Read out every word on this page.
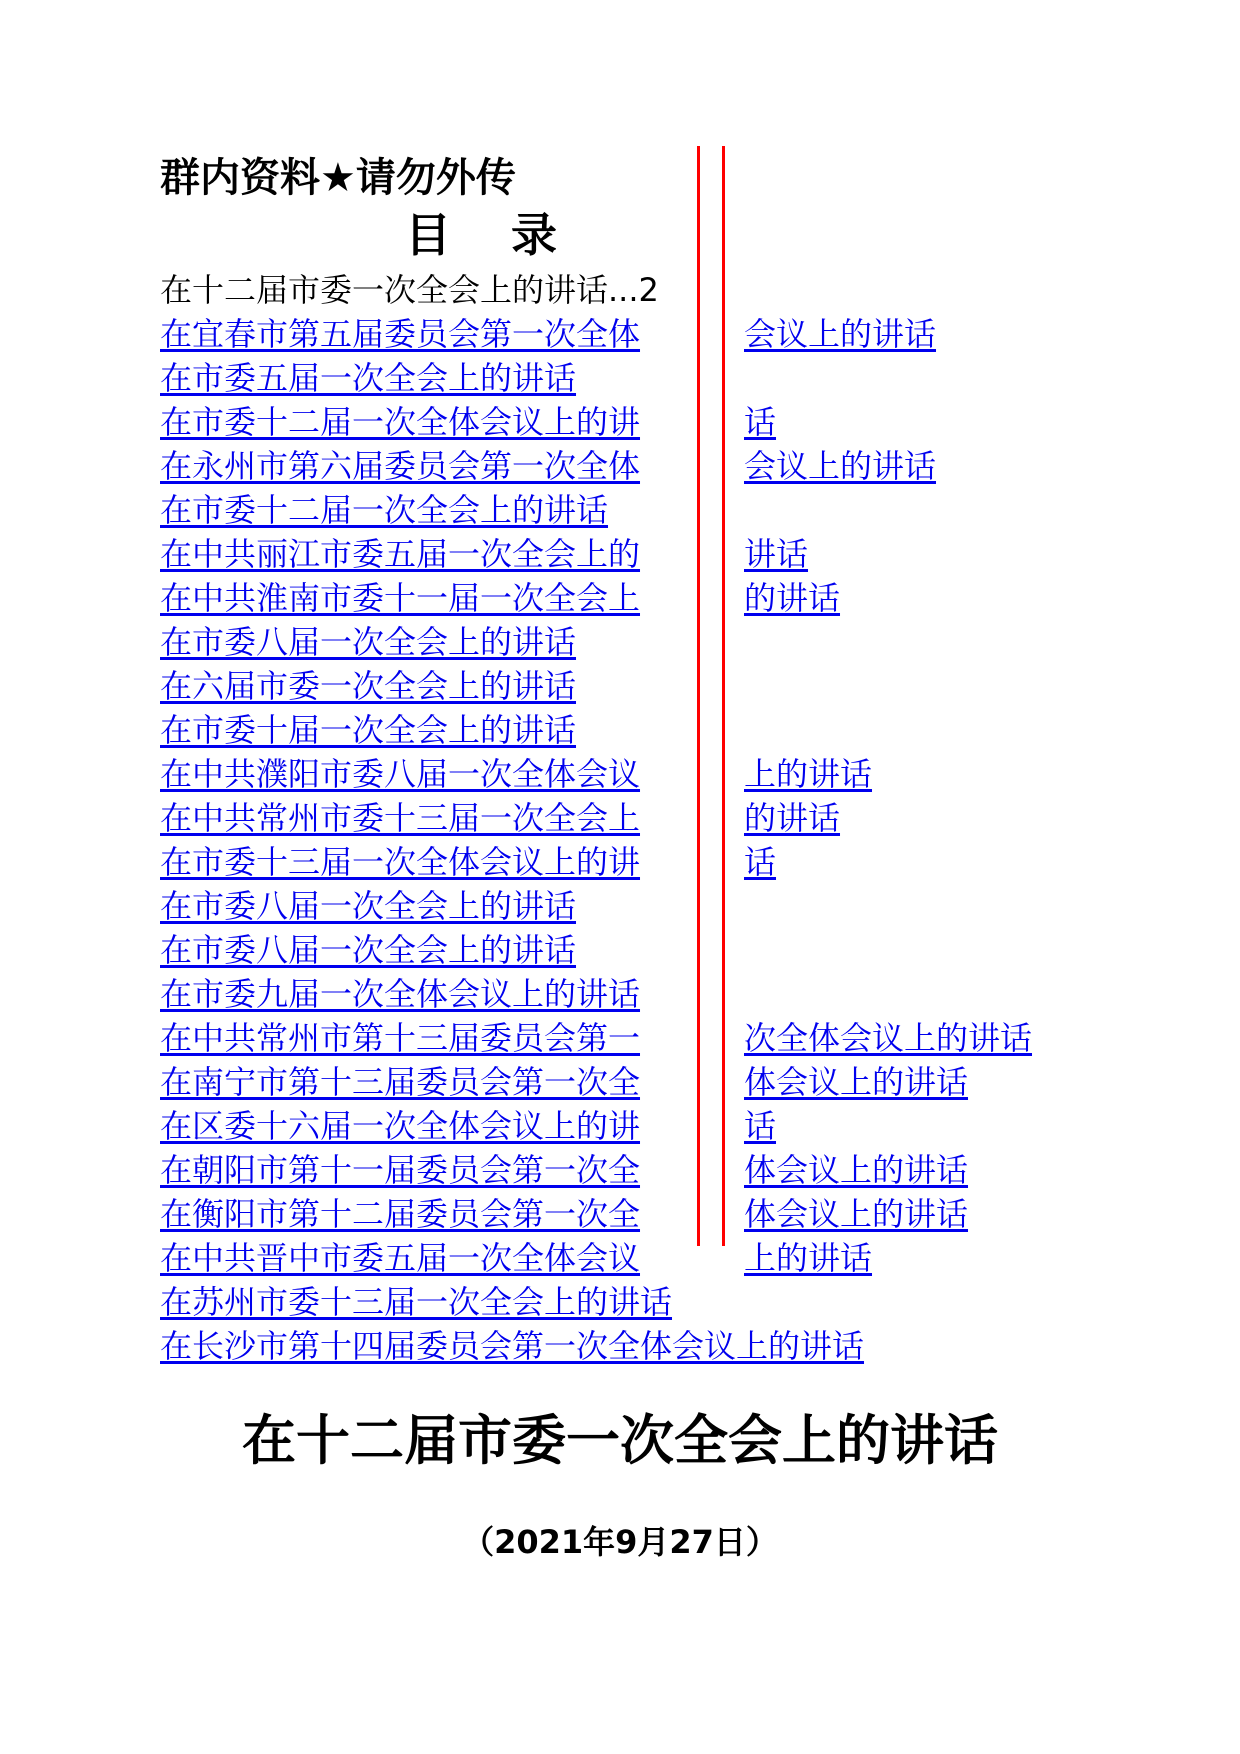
群内资料★请勿外传
目 录
在十二届市委一次全会上的讲话...2
在宜春市第五届委员会第一次全体	会议上的讲话
在市委五届一次全会上的讲话
在市委十二届一次全体会议上的讲	话
在永州市第六届委员会第一次全体	会议上的讲话
在市委十二届一次全会上的讲话
在中共丽江市委五届一次全会上的	讲话
在中共淮南市委十一届一次全会上	的讲话
在市委八届一次全会上的讲话
在六届市委一次全会上的讲话
在市委十届一次全会上的讲话
在中共濮阳市委八届一次全体会议	上的讲话
在中共常州市委十三届一次全会上	的讲话
在市委十三届一次全体会议上的讲	话
在市委八届一次全会上的讲话
在市委八届一次全会上的讲话
在市委九届一次全体会议上的讲话
在中共常州市第十三届委员会第一	次全体会议上的讲话
在南宁市第十三届委员会第一次全	体会议上的讲话
在区委十六届一次全体会议上的讲	话
在朝阳市第十一届委员会第一次全	体会议上的讲话
在衡阳市第十二届委员会第一次全	体会议上的讲话
在中共晋中市委五届一次全体会议	上的讲话
在苏州市委十三届一次全会上的讲话
在长沙市第十四届委员会第一次全体会议上的讲话
在十二届市委一次全会上的讲话
（2021年9月27日）
